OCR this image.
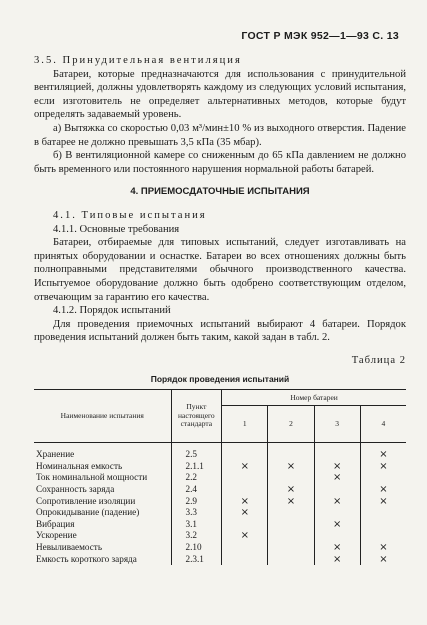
ГОСТ Р МЭК 952—1—93 С. 13

3.5. Принудительная вентиляция

Батареи, которые предназначаются для использования с принудительной вентиляцией, должны удовлетворять каждому из следующих условий испытания, если изготовитель не определяет альтернативных методов, которые будут определять задаваемый уровень.

а) Вытяжка со скоростью 0,03 м³/мин±10 % из выходного отверстия. Падение в батарее не должно превышать 3,5 кПа (35 мбар).

б) В вентиляционной камере со сниженным до 65 кПа давлением не должно быть временного или постоянного нарушения нормальной работы батарей.

4. ПРИЕМОСДАТОЧНЫЕ ИСПЫТАНИЯ

4.1. Типовые испытания

4.1.1. Основные требования

Батареи, отбираемые для типовых испытаний, следует изготавливать на принятых оборудовании и оснастке. Батареи во всех отношениях должны быть полноправными представителями обычного производственного качества. Испытуемое оборудование должно быть одобрено соответствующим отделом, отвечающим за гарантию его качества.

4.1.2. Порядок испытаний

Для проведения приемочных испытаний выбирают 4 батареи. Порядок проведения испытаний должен быть таким, какой задан в табл. 2.

Таблица 2
Порядок проведения испытаний
Наименование испытания	Пункт настоящего стандарта	Номер батареи			
		1	2	3	4
Хранение	2.5				×
Номинальная емкость	2.1.1	×	×	×	×
Ток номинальной мощности	2.2			×	
Сохранность заряда	2.4		×		×
Сопротивление изоляции	2.9	×	×	×	×
Опрокидывание (падение)	3.3	×			
Вибрация	3.1			×	
Ускорение	3.2	×			
Невыливаемость	2.10			×	×
Емкость короткого заряда	2.3.1			×	×
